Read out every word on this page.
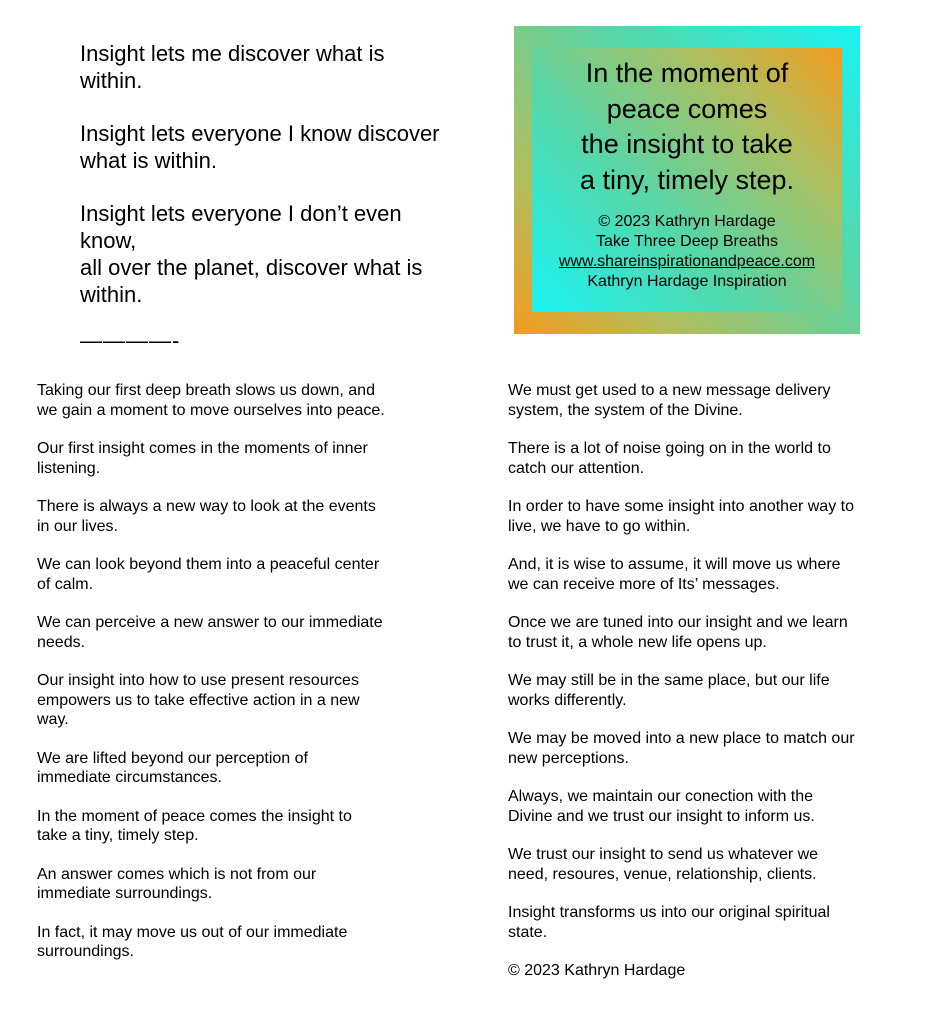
Insight lets me discover what is
within.

Insight lets everyone I know discover
what is within.

Insight lets everyone I don’t even
know,
all over the planet, discover what is
within.

————-

In the moment of
peace comes
the insight to take
a tiny, timely step.

© 2023 Kathryn Hardage
Take Three Deep Breaths
www.shareinspirationandpeace.com
Kathryn Hardage Inspiration

Taking our first deep breath slows us down, and
we gain a moment to move ourselves into peace.

Our first insight comes in the moments of inner
listening.

There is always a new way to look at the events
in our lives.

We can look beyond them into a peaceful center
of calm.

We can perceive a new answer to our immediate
needs.

Our insight into how to use present resources
empowers us to take effective action in a new
way.

We are lifted beyond our perception of
immediate circumstances.

In the moment of peace comes the insight to
take a tiny, timely step.

An answer comes which is not from our
immediate surroundings.

In fact, it may move us out of our immediate
surroundings.

We must get used to a new message delivery
system, the system of the Divine.

There is a lot of noise going on in the world to
catch our attention.

In order to have some insight into another way to
live, we have to go within.

And, it is wise to assume, it will move us where
we can receive more of Its’ messages.

Once we are tuned into our insight and we learn
to trust it, a whole new life opens up.

We may still be in the same place, but our life
works differently.

We may be moved into a new place to match our
new perceptions.

Always, we maintain our conection with the
Divine and we trust our insight to inform us.

We trust our insight to send us whatever we
need, resoures, venue, relationship, clients.

Insight transforms us into our original spiritual
state.

© 2023 Kathryn Hardage
